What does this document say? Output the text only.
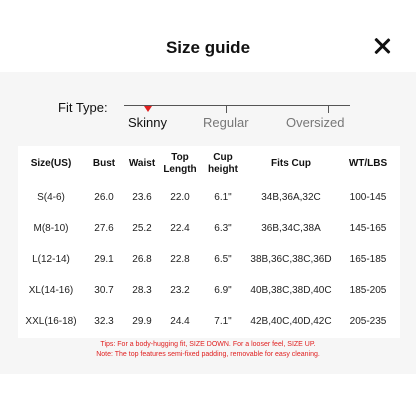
Size guide
Fit Type:
Skinny	Regular	Oversized
Size(US)	Bust	Waist	Top Length	Cup height	Fits Cup	WT/LBS
S(4-6)	26.0	23.6	22.0	6.1"	34B,36A,32C	100-145
M(8-10)	27.6	25.2	22.4	6.3"	36B,34C,38A	145-165
L(12-14)	29.1	26.8	22.8	6.5"	38B,36C,38C,36D	165-185
XL(14-16)	30.7	28.3	23.2	6.9"	40B,38C,38D,40C	185-205
XXL(16-18)	32.3	29.9	24.4	7.1"	42B,40C,40D,42C	205-235
Tips: For a body-hugging fit, SIZE DOWN. For a looser feel, SIZE UP.
Note: The top features semi-fixed padding, removable for easy cleaning.
